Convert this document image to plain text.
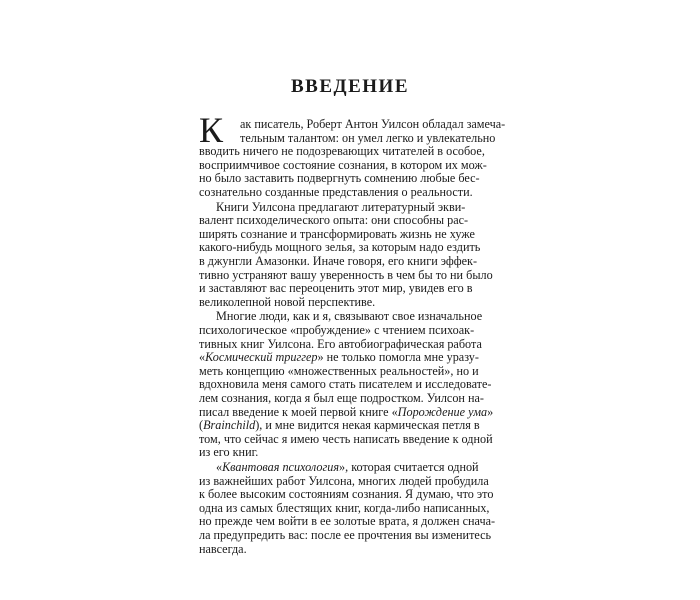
ВВЕДЕНИЕ
К ак писатель, Роберт Антон Уилсон обладал замеча-
тельным талантом: он умел легко и увлекательно
вводить ничего не подозревающих читателей в особое,
восприимчивое состояние сознания, в котором их мож-
но было заставить подвергнуть сомнению любые бес-
сознательно созданные представления о реальности.
Книги Уилсона предлагают литературный экви-
валент психоделического опыта: они способны рас-
ширять сознание и трансформировать жизнь не хуже
какого-нибудь мощного зелья, за которым надо ездить
в джунгли Амазонки. Иначе говоря, его книги эффек-
тивно устраняют вашу уверенность в чем бы то ни было
и заставляют вас переоценить этот мир, увидев его в
великолепной новой перспективе.
Многие люди, как и я, связывают свое изначальное
психологическое «пробуждение» с чтением психоак-
тивных книг Уилсона. Его автобиографическая работа
«Космический триггер» не только помогла мне уразу-
меть концепцию «множественных реальностей», но и
вдохновила меня самого стать писателем и исследовате-
лем сознания, когда я был еще подростком. Уилсон на-
писал введение к моей первой книге «Порождение ума»
(Brainchild), и мне видится некая кармическая петля в
том, что сейчас я имею честь написать введение к одной
из его книг.
«Квантовая психология», которая считается одной
из важнейших работ Уилсона, многих людей пробудила
к более высоким состояниям сознания. Я думаю, что это
одна из самых блестящих книг, когда-либо написанных,
но прежде чем войти в ее золотые врата, я должен снача-
ла предупредить вас: после ее прочтения вы изменитесь
навсегда.
